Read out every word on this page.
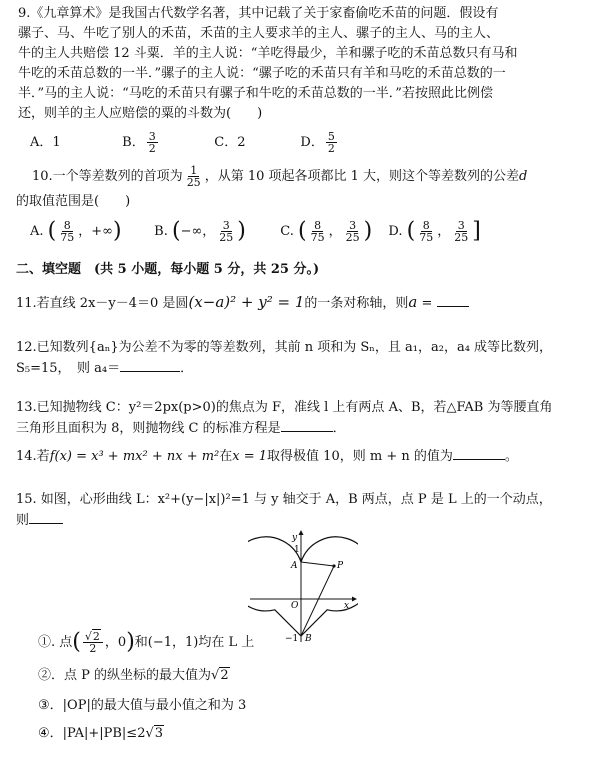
9.《九章算术》是我国古代数学名著，其中记载了关于家畜偷吃禾苗的问题．假设有
骡子、马、牛吃了别人的禾苗，禾苗的主人要求羊的主人、骡子的主人、马的主人、
牛的主人共赔偿 12 斗粟．羊的主人说：“羊吃得最少，羊和骡子吃的禾苗总数只有马和
牛吃的禾苗总数的一半．”骡子的主人说：“骡子吃的禾苗只有羊和马吃的禾苗总数的一
半．”马的主人说：“马吃的禾苗只有骡子和牛吃的禾苗总数的一半．”若按照此比例偿
还，则羊的主人应赔偿的粟的斗数为(　　)
A．1	B． $\frac{3}{2}$	C．2	D． $\frac{5}{2}$
10.一个等差数列的首项为 $\frac{1}{25}$ ，从第 10 项起各项都比 1 大，则这个等差数列的公差d
的取值范围是(　　)
A. ( $\frac{8}{75}$ ，+∞)	B. (−∞， $\frac{3}{25}$ )	C. ( $\frac{8}{75}$ ， $\frac{3}{25}$ ) D. ( $\frac{8}{75}$ ， $\frac{3}{25}$ ]
二、填空题　(共 5 小题，每小题 5 分，共 25 分。)
11.若直线 2x－y－4＝0 是圆(x−a)² + y² = 1的一条对称轴，则a =
12.已知数列{aₙ}为公差不为零的等差数列，其前 n 项和为 Sₙ，且 a₁，a₂，a₄ 成等比数列，
S₅=15，　则 a₄＝	．
13.已知抛物线 C：y²＝2px(p>0)的焦点为 F，准线 l 上有两点 A、B，若△FAB 为等腰直角
三角形且面积为 8，则抛物线 C 的标准方程是	．
14.若f(x) = x³ + mx² + nx + m²在x = 1取得极值 10，则 m + n 的值为	。
15. 如图，心形曲线 L：x²+(y−|x|)²=1 与 y 轴交于 A，B 两点，点 P 是 L 上的一个动点，
则
y
1
A	P
O	x
−1 B
①. 点( $\frac{√2}{2}$ ，0)和(−1，1)均在 L 上
②．点 P 的纵坐标的最大值为√2
③．|OP|的最大值与最小值之和为 3
④．|PA|+|PB|≤2√3
